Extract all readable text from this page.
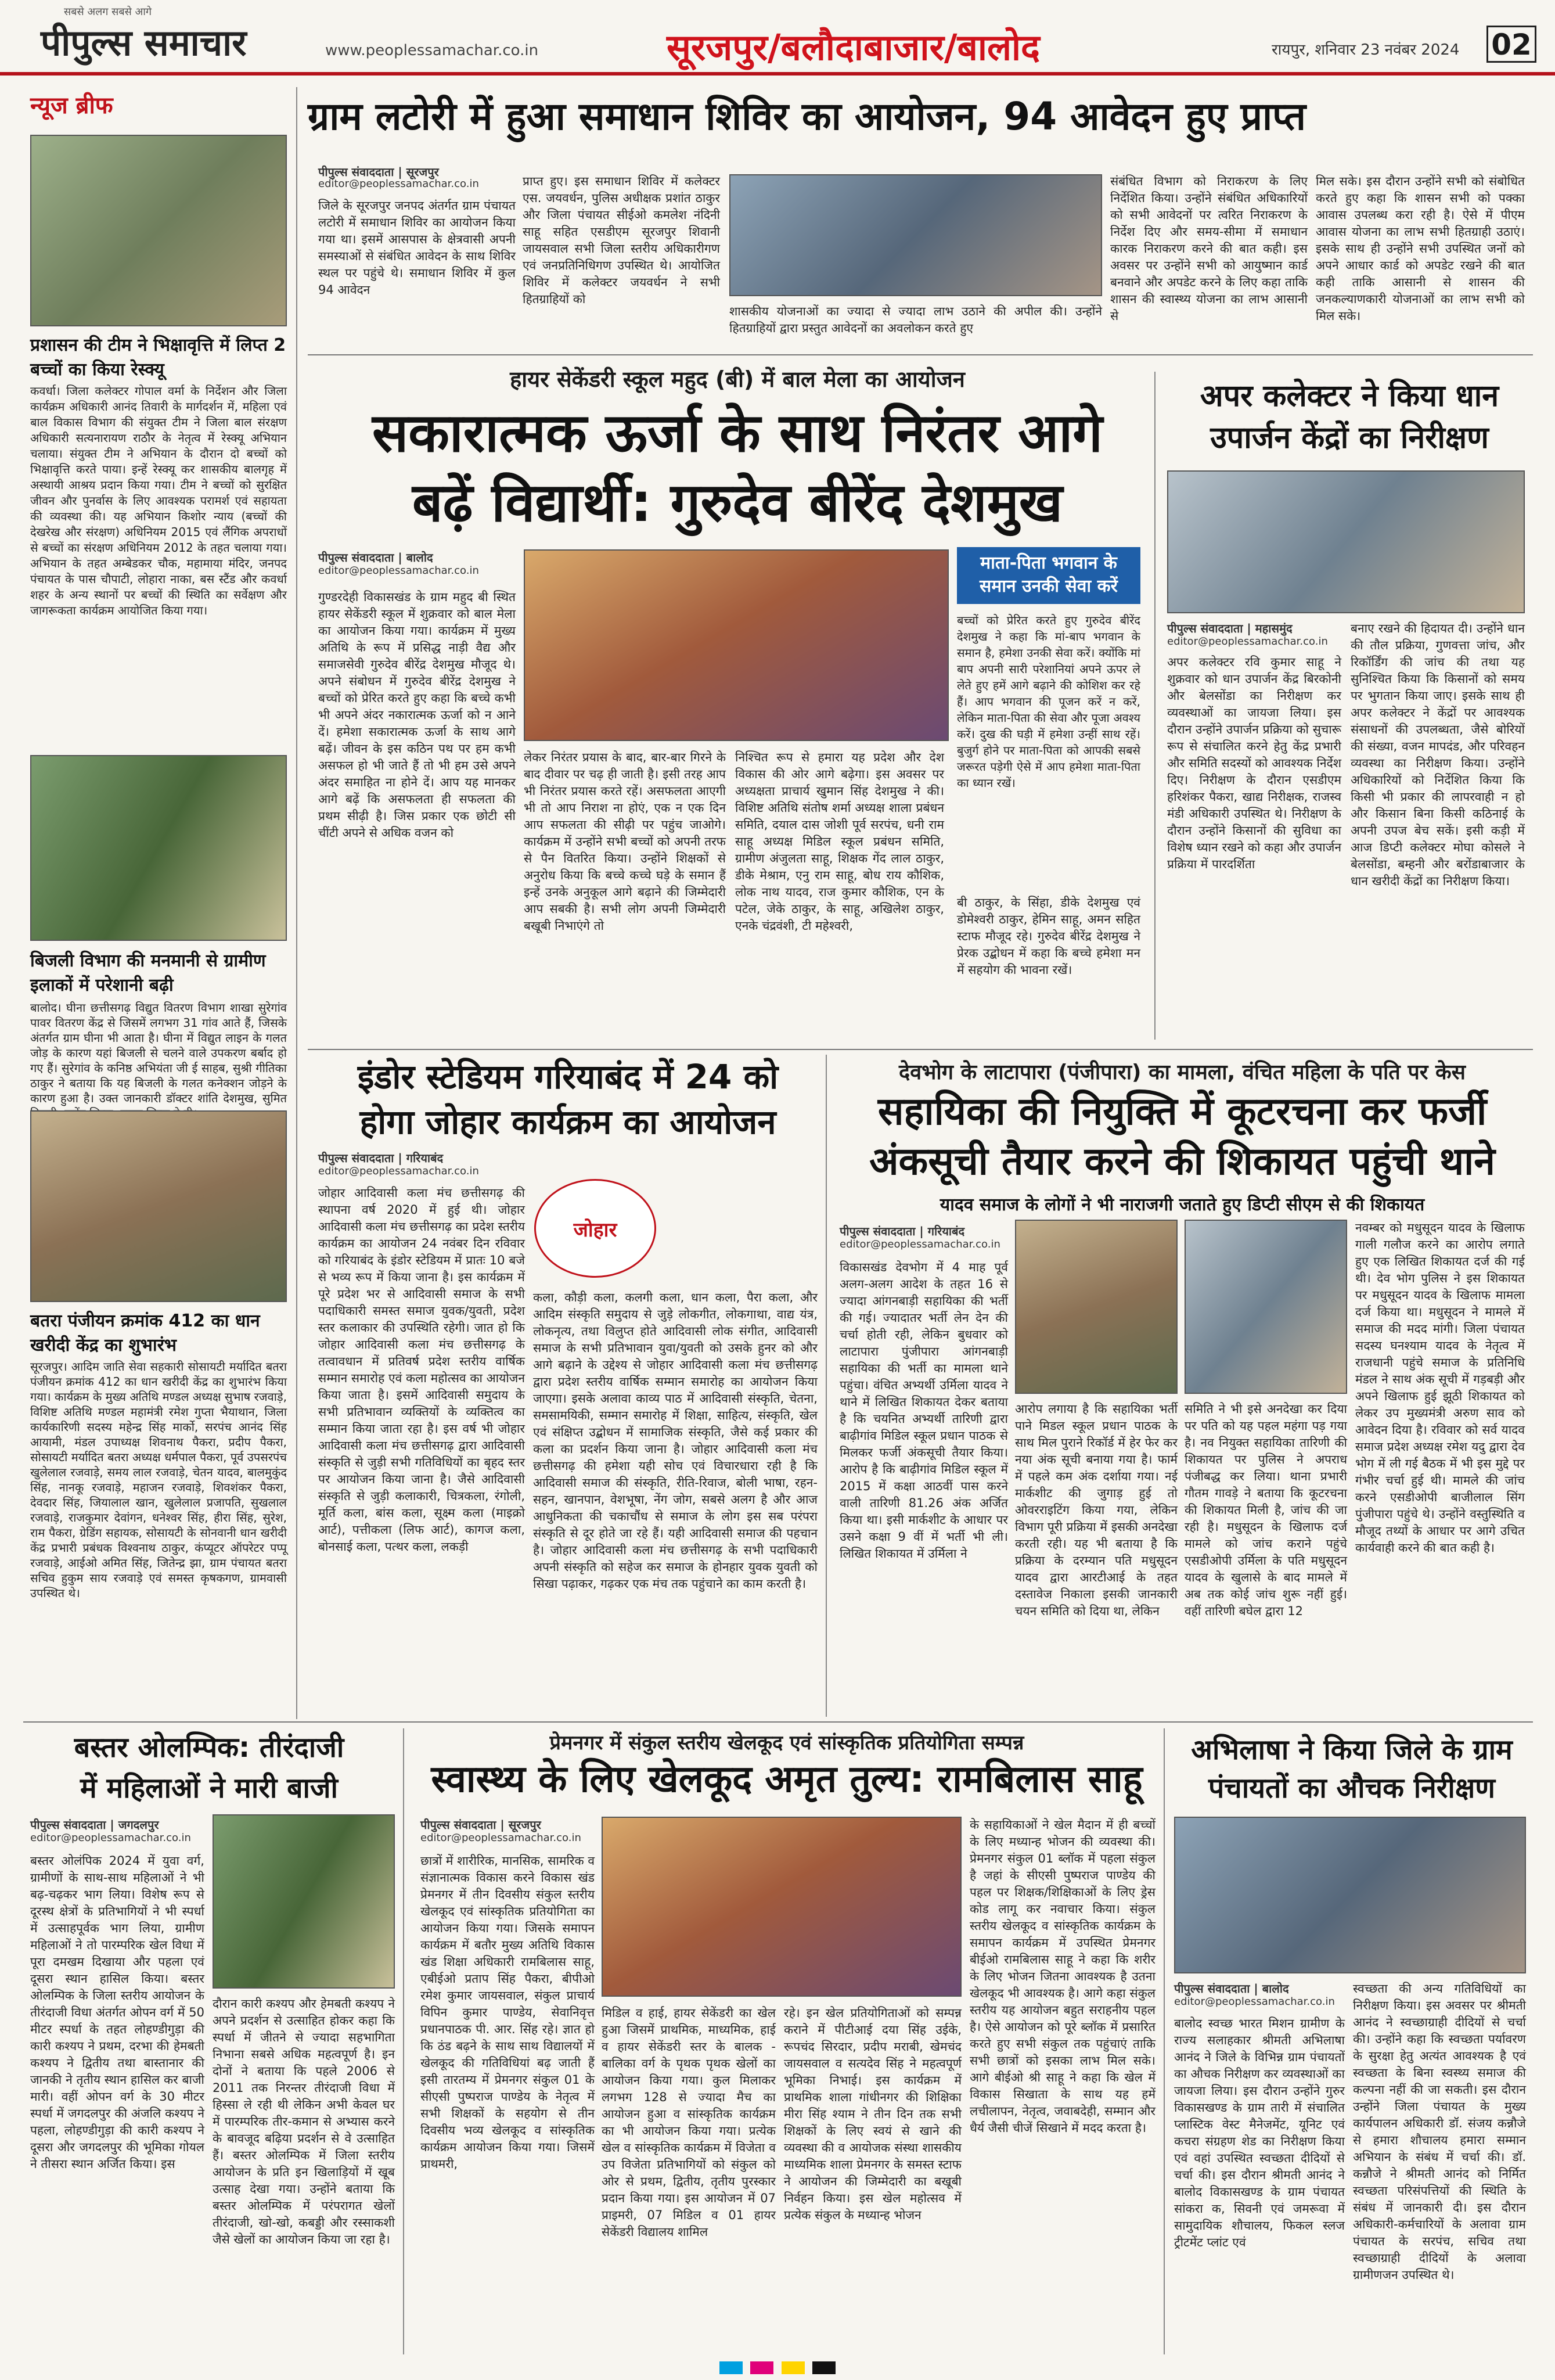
सबसे अलग सबसे आगे
पीपुल्स समाचार	www.peoplessamachar.co.in	सूरजपुर/बलौदाबाजार/बालोद	रायपुर, शनिवार 23 नवंबर 2024 02
न्यूज ब्रीफ
प्रशासन की टीम ने भिक्षावृत्ति में लिप्त 2 बच्चों का किया रेस्क्यू
कवर्धा। जिला कलेक्टर गोपाल वर्मा के निर्देशन और जिला कार्यक्रम अधिकारी आनंद तिवारी के मार्गदर्शन में, महिला एवं बाल विकास विभाग की संयुक्त टीम ने जिला बाल संरक्षण अधिकारी सत्यनारायण राठौर के नेतृत्व में रेस्क्यू अभियान चलाया। संयुक्त टीम ने अभियान के दौरान दो बच्चों को भिक्षावृत्ति करते पाया। इन्हें रेस्क्यू कर शासकीय बालगृह में अस्थायी आश्रय प्रदान किया गया। टीम ने बच्चों को सुरक्षित जीवन और पुनर्वास के लिए आवश्यक परामर्श एवं सहायता की व्यवस्था की। यह अभियान किशोर न्याय (बच्चों की देखरेख और संरक्षण) अधिनियम 2015 एवं लैंगिक अपराधों से बच्चों का संरक्षण अधिनियम 2012 के तहत चलाया गया। अभियान के तहत अम्बेडकर चौक, महामाया मंदिर, जनपद पंचायत के पास चौपाटी, लोहारा नाका, बस स्टैंड और कवर्धा शहर के अन्य स्थानों पर बच्चों की स्थिति का सर्वेक्षण और जागरूकता कार्यक्रम आयोजित किया गया।
बिजली विभाग की मनमानी से ग्रामीण इलाकों में परेशानी बढ़ी
बालोद। घीना छत्तीसगढ़ विद्युत वितरण विभाग शाखा सुरेगांव पावर वितरण केंद्र से जिसमें लगभग 31 गांव आते हैं, जिसके अंतर्गत ग्राम घीना भी आता है। घीना में विद्युत लाइन के गलत जोड़ के कारण यहां बिजली से चलने वाले उपकरण बर्बाद हो गए हैं। सुरेगांव के कनिष्ठ अभियंता जी ई साहब, सुश्री गीतिका ठाकुर ने बताया कि यह बिजली के गलत कनेक्शन जोड़ने के कारण हुआ है। उक्त जानकारी डॉक्टर शांति देशमुख, सुमित
बतरा पंजीयन क्रमांक 412 का धान खरीदी केंद्र का शुभारंभ
सूरजपुर। आदिम जाति सेवा सहकारी सोसायटी मर्यादित बतरा पंजीयन क्रमांक 412 का धान खरीदी केंद्र का शुभारंभ किया गया। कार्यक्रम के मुख्य अतिथि मण्डल अध्यक्ष सुभाष रजवाड़े, विशिष्ट अतिथि मण्डल महामंत्री रमेश गुप्ता भैयाथान, जिला कार्यकारिणी सदस्य महेन्द्र सिंह मार्को, सरपंच आनंद सिंह आयामी, मंडल उपाध्यक्ष शिवनाथ पैकरा, प्रदीप पैकरा, सोसायटी मर्यादित बतरा अध्यक्ष धर्मपाल पैकरा, पूर्व उपसरपंच खुलेलाल रजवाड़े, समय लाल रजवाड़े, चेतन यादव, बालमुकुंद सिंह, नानकू रजवाड़े, महाजन रजवाड़े, शिवशंकर पैकरा, देवदार सिंह, जियालाल खान, खुलेलाल प्रजापति, सुखलाल रजवाड़े, राजकुमार देवांगन, धनेश्वर सिंह, हीरा सिंह, सुरेश, राम पैकरा, ग्रेडिंग सहायक, सोसायटी के सोनवानी धान खरीदी केंद्र प्रभारी प्रबंधक विश्वनाथ ठाकुर, कंप्यूटर ऑपरेटर पप्पू रजवाड़े, आईओ अमित सिंह, जितेन्द्र झा, ग्राम पंचायत बतरा सचिव हुकुम साय रजवाड़े एवं समस्त कृषकगण, ग्रामवासी उपस्थित थे।
ग्राम लटोरी में हुआ समाधान शिविर का आयोजन, 94 आवेदन हुए प्राप्त
पीपुल्स संवाददाता | सूरजपुर
editor@peoplessamachar.co.in
जिले के सूरजपुर जनपद अंतर्गत ग्राम पंचायत लटोरी में समाधान शिविर का आयोजन किया गया था। इसमें आसपास के क्षेत्रवासी अपनी समस्याओं से संबंधित आवेदन के साथ शिविर स्थल पर पहुंचे थे। समाधान शिविर में कुल 94 आवेदन
प्राप्त हुए। इस समाधान शिविर में कलेक्टर एस. जयवर्धन, पुलिस अधीक्षक प्रशांत ठाकुर और जिला पंचायत सीईओ कमलेश नंदिनी साहू सहित एसडीएम सूरजपुर शिवानी जायसवाल सभी जिला स्तरीय अधिकारीगण एवं जनप्रतिनिधिगण उपस्थित थे। आयोजित शिविर में कलेक्टर जयवर्धन ने सभी हितग्राहियों को
शासकीय योजनाओं का ज्यादा से ज्यादा लाभ उठाने की अपील की। उन्होंने हितग्राहियों द्वारा प्रस्तुत आवेदनों का अवलोकन करते हुए
संबंधित विभाग को निराकरण के लिए निर्देशित किया। उन्होंने संबंधित अधिकारियों को सभी आवेदनों पर त्वरित निराकरण के निर्देश दिए और समय-सीमा में समाधान कारक निराकरण करने की बात कही। इस अवसर पर उन्होंने सभी को आयुष्मान कार्ड बनवाने और अपडेट करने के लिए कहा ताकि शासन की स्वास्थ्य योजना का लाभ आसानी से
मिल सके। इस दौरान उन्होंने सभी को संबोधित करते हुए कहा कि शासन सभी को पक्का आवास उपलब्ध करा रही है। ऐसे में पीएम आवास योजना का लाभ सभी हितग्राही उठाएं। इसके साथ ही उन्होंने सभी उपस्थित जनों को अपने आधार कार्ड को अपडेट रखने की बात कही ताकि आसानी से शासन की जनकल्याणकारी योजनाओं का लाभ सभी को मिल सके।
हायर सेकेंडरी स्कूल महुद (बी) में बाल मेला का आयोजन
सकारात्मक ऊर्जा के साथ निरंतर आगे
बढ़ें विद्यार्थी: गुरुदेव बीरेंद देशमुख
पीपुल्स संवाददाता | बालोद
editor@peoplessamachar.co.in
गुण्डरदेही विकासखंड के ग्राम महुद बी स्थित हायर सेकेंडरी स्कूल में शुक्रवार को बाल मेला का आयोजन किया गया। कार्यक्रम में मुख्य अतिथि के रूप में प्रसिद्ध नाड़ी वैद्य और समाजसेवी गुरुदेव बीरेंद्र देशमुख मौजूद थे। अपने संबोधन में गुरुदेव बीरेंद्र देशमुख ने बच्चों को प्रेरित करते हुए कहा कि बच्चे कभी भी अपने अंदर नकारात्मक ऊर्जा को न आने दें। हमेशा सकारात्मक ऊर्जा के साथ आगे बढ़ें। जीवन के इस कठिन पथ पर हम कभी असफल हो भी जाते हैं तो भी हम उसे अपने अंदर समाहित ना होने दें। आप यह मानकर आगे बढ़ें कि असफलता ही सफलता की प्रथम सीढ़ी है। जिस प्रकार एक छोटी सी चींटी अपने से अधिक वजन को
लेकर निरंतर प्रयास के बाद, बार-बार गिरने के बाद दीवार पर चढ़ ही जाती है। इसी तरह आप भी निरंतर प्रयास करते रहें। असफलता आएगी भी तो आप निराश ना होएं, एक न एक दिन आप सफलता की सीढ़ी पर पहुंच जाओगे। कार्यक्रम में उन्होंने सभी बच्चों को अपनी तरफ से पैन वितरित किया। उन्होंने शिक्षकों से अनुरोध किया कि बच्चे कच्चे घड़े के समान हैं इन्हें उनके अनुकूल आगे बढ़ाने की जिम्मेदारी आप सबकी है। सभी लोग अपनी जिम्मेदारी बखूबी निभाएंगे तो
निश्चित रूप से हमारा यह प्रदेश और देश विकास की ओर आगे बढ़ेगा। इस अवसर पर अध्यक्षता प्राचार्य खुमान सिंह देशमुख ने की। विशिष्ट अतिथि संतोष शर्मा अध्यक्ष शाला प्रबंधन समिति, दयाल दास जोशी पूर्व सरपंच, धनी राम साहू अध्यक्ष मिडिल स्कूल प्रबंधन समिति, ग्रामीण अंजुलता साहू, शिक्षक गेंद लाल ठाकुर, डीके मेश्राम, एनु राम साहू, बोध राय कौशिक, लोक नाथ यादव, राज कुमार कौशिक, एन के पटेल, जेके ठाकुर, के साहू, अखिलेश ठाकुर, एनके चंद्रवंशी, टी महेश्वरी,
माता-पिता भगवान के समान उनकी सेवा करें
बच्चों को प्रेरित करते हुए गुरुदेव बीरेंद देशमुख ने कहा कि मां-बाप भगवान के समान है, हमेशा उनकी सेवा करें। क्योंकि मां बाप अपनी सारी परेशानियां अपने ऊपर ले लेते हुए हमें आगे बढ़ाने की कोशिश कर रहे हैं। आप भगवान की पूजन करें न करें, लेकिन माता-पिता की सेवा और पूजा अवश्य करें। दुख की घड़ी में हमेशा उन्हीं साथ रहें। बुजुर्ग होने पर माता-पिता को आपकी सबसे जरूरत पड़ेगी ऐसे में आप हमेशा माता-पिता का ध्यान रखें।
बी ठाकुर, के सिंहा, डीके देशमुख एवं डोमेश्वरी ठाकुर, हेमिन साहू, अमन सहित स्टाफ मौजूद रहे। गुरुदेव बीरेंद्र देशमुख ने प्रेरक उद्बोधन में कहा कि बच्चे हमेशा मन में सहयोग की भावना रखें।
अपर कलेक्टर ने किया धान उपार्जन केंद्रों का निरीक्षण
पीपुल्स संवाददाता | महासमुंद
editor@peoplessamachar.co.in
अपर कलेक्टर रवि कुमार साहू ने शुक्रवार को धान उपार्जन केंद्र बिरकोनी और बेलसोंडा का निरीक्षण कर व्यवस्थाओं का जायजा लिया। इस दौरान उन्होंने उपार्जन प्रक्रिया को सुचारू रूप से संचालित करने हेतु केंद्र प्रभारी और समिति सदस्यों को आवश्यक निर्देश दिए। निरीक्षण के दौरान एसडीएम हरिशंकर पैकरा, खाद्य निरीक्षक, राजस्व मंडी अधिकारी उपस्थित थे। निरीक्षण के दौरान उन्होंने किसानों की सुविधा का विशेष ध्यान रखने को कहा और उपार्जन प्रक्रिया में पारदर्शिता
बनाए रखने की हिदायत दी। उन्होंने धान की तौल प्रक्रिया, गुणवत्ता जांच, और रिकॉर्डिंग की जांच की तथा यह सुनिश्चित किया कि किसानों को समय पर भुगतान किया जाए। इसके साथ ही अपर कलेक्टर ने केंद्रों पर आवश्यक संसाधनों की उपलब्धता, जैसे बोरियों की संख्या, वजन मापदंड, और परिवहन व्यवस्था का निरीक्षण किया। उन्होंने अधिकारियों को निर्देशित किया कि किसी भी प्रकार की लापरवाही न हो और किसान बिना किसी कठिनाई के अपनी उपज बेच सकें। इसी कड़ी में आज डिप्टी कलेक्टर मोघा कोसले ने बेलसोंडा, बम्हनी और बरोंडाबाजार के धान खरीदी केंद्रों का निरीक्षण किया।
इंडोर स्टेडियम गरियाबंद में 24 को
होगा जोहार कार्यक्रम का आयोजन
पीपुल्स संवाददाता | गरियाबंद
editor@peoplessamachar.co.in
जोहार
जोहार आदिवासी कला मंच छत्तीसगढ़ की स्थापना वर्ष 2020 में हुई थी। जोहार आदिवासी कला मंच छत्तीसगढ़ का प्रदेश स्तरीय कार्यक्रम का आयोजन 24 नवंबर दिन रविवार को गरियाबंद के इंडोर स्टेडियम में प्रातः 10 बजे से भव्य रूप में किया जाना है। इस कार्यक्रम में पूरे प्रदेश भर से आदिवासी समाज के सभी पदाधिकारी समस्त समाज युवक/युवती, प्रदेश स्तर कलाकार की उपस्थिति रहेगी। जात हो कि जोहार आदिवासी कला मंच छत्तीसगढ़ के तत्वावधान में प्रतिवर्ष प्रदेश स्तरीय वार्षिक सम्मान समारोह एवं कला महोत्सव का आयोजन किया जाता है। इसमें आदिवासी समुदाय के सभी प्रतिभावान व्यक्तियों के व्यक्तित्व का सम्मान किया जाता रहा है। इस वर्ष भी जोहार आदिवासी कला मंच छत्तीसगढ़ द्वारा आदिवासी संस्कृति से जुड़ी सभी गतिविधियों का बृहद स्तर पर आयोजन किया जाना है। जैसे आदिवासी संस्कृति से जुड़ी कलाकारी, चित्रकला, रंगोली, मूर्ति कला, बांस कला, सूक्ष्म कला (माइक्रो आर्ट), पत्तीकला (लिफ आर्ट), कागज कला, बोनसाई कला, पत्थर कला, लकड़ी
कला, कौड़ी कला, कलगी कला, धान कला, पैरा कला, और आदिम संस्कृति समुदाय से जुड़े लोकगीत, लोकगाथा, वाद्य यंत्र, लोकनृत्य, तथा विलुप्त होते आदिवासी लोक संगीत, आदिवासी समाज के सभी प्रतिभावान युवा/युवती को उसके हुनर को और आगे बढ़ाने के उद्देश्य से जोहार आदिवासी कला मंच छत्तीसगढ़ द्वारा प्रदेश स्तरीय वार्षिक सम्मान समारोह का आयोजन किया जाएगा। इसके अलावा काव्य पाठ में आदिवासी संस्कृति, चेतना, समसामयिकी, सम्मान समारोह में शिक्षा, साहित्य, संस्कृति, खेल एवं संक्षिप्त उद्बोधन में सामाजिक संस्कृति, जैसे कई प्रकार की कला का प्रदर्शन किया जाना है। जोहार आदिवासी कला मंच छत्तीसगढ़ की हमेशा यही सोच एवं विचारधारा रही है कि आदिवासी समाज की संस्कृति, रीति-रिवाज, बोली भाषा, रहन-सहन, खानपान, वेशभूषा, नेंग जोग, सबसे अलग है और आज आधुनिकता की चकाचौंध से समाज के लोग इस सब परंपरा संस्कृति से दूर होते जा रहे हैं। यही आदिवासी समाज की पहचान है। जोहार आदिवासी कला मंच छत्तीसगढ़ के सभी पदाधिकारी अपनी संस्कृति को सहेज कर समाज के होनहार युवक युवती को सिखा पढ़ाकर, गढ़कर एक मंच तक पहुंचाने का काम करती है।
देवभोग के लाटापारा (पंजीपारा) का मामला, वंचित महिला के पति पर केस
सहायिका की नियुक्ति में कूटरचना कर फर्जी
अंकसूची तैयार करने की शिकायत पहुंची थाने
यादव समाज के लोगों ने भी नाराजगी जताते हुए डिप्टी सीएम से की शिकायत
पीपुल्स संवाददाता | गरियाबंद
editor@peoplessamachar.co.in
विकासखंड देवभोग में 4 माह पूर्व अलग-अलग आदेश के तहत 16 से ज्यादा आंगनबाड़ी सहायिका की भर्ती की गई। ज्यादातर भर्ती लेन देन की चर्चा होती रही, लेकिन बुधवार को लाटापारा पुंजीपारा आंगनबाड़ी सहायिका की भर्ती का मामला थाने पहुंचा। वंचित अभ्यर्थी उर्मिला यादव ने थाने में लिखित शिकायत देकर बताया है कि चयनित अभ्यर्थी तारिणी द्वारा बाढ़ीगांव मिडिल स्कूल प्रधान पाठक से मिलकर फर्जी अंकसूची तैयार किया। आरोप है कि बाढ़ीगांव मिडिल स्कूल में 2015 में कक्षा आठवीं पास करने वाली तारिणी 81.26 अंक अर्जित किया था। इसी मार्कशीट के आधार पर उसने कक्षा 9 वीं में भर्ती भी ली। लिखित शिकायत में उर्मिला ने
आरोप लगाया है कि सहायिका भर्ती पाने मिडल स्कूल प्रधान पाठक के साथ मिल पुराने रिकॉर्ड में हेर फेर कर नया अंक सूची बनाया गया है। फार्म में पहले कम अंक दर्शाया गया। नई मार्कशीट की जुगाड़ हुई तो ओवरराइटिंग किया गया, लेकिन विभाग पूरी प्रक्रिया में इसकी अनदेखा करती रही। यह भी बताया है कि प्रक्रिया के दरम्यान पति मधुसूदन यादव द्वारा आरटीआई के तहत दस्तावेज निकाला इसकी जानकारी चयन समिति को दिया था, लेकिन
समिति ने भी इसे अनदेखा कर दिया पर पति को यह पहल महंगा पड़ गया है। नव नियुक्त सहायिका तारिणी की शिकायत पर पुलिस ने अपराध पंजीबद्ध कर लिया। थाना प्रभारी गौतम गावड़े ने बताया कि कूटरचना की शिकायत मिली है, जांच की जा रही है। मधुसूदन के खिलाफ दर्ज मामले को जांच कराने पहुंचे एसडीओपी उर्मिला के पति मधुसूदन यादव के खुलासे के बाद मामले में अब तक कोई जांच शुरू नहीं हुई। वहीं तारिणी बघेल द्वारा 12
नवम्बर को मधुसूदन यादव के खिलाफ गाली गलौज करने का आरोप लगाते हुए एक लिखित शिकायत दर्ज की गई थी। देव भोग पुलिस ने इस शिकायत पर मधुसूदन यादव के खिलाफ मामला दर्ज किया था। मधुसूदन ने मामले में समाज की मदद मांगी। जिला पंचायत सदस्य घनश्याम यादव के नेतृत्व में राजधानी पहुंचे समाज के प्रतिनिधि मंडल ने साथ अंक सूची में गड़बड़ी और अपने खिलाफ हुई झूठी शिकायत को लेकर उप मुख्यमंत्री अरुण साव को आवेदन दिया है। रविवार को सर्व यादव समाज प्रदेश अध्यक्ष रमेश यदु द्वारा देव भोग में ली गई बैठक में भी इस मुद्दे पर गंभीर चर्चा हुई थी। मामले की जांच करने एसडीओपी बाजीलाल सिंग पुंजीपारा पहुंचे थे। उन्होंने वस्तुस्थिति व मौजूद तथ्यों के आधार पर आगे उचित कार्यवाही करने की बात कही है।
बस्तर ओलम्पिक: तीरंदाजी
में महिलाओं ने मारी बाजी
पीपुल्स संवाददाता | जगदलपुर
editor@peoplessamachar.co.in
बस्तर ओलंपिक 2024 में युवा वर्ग, ग्रामीणों के साथ-साथ महिलाओं ने भी बढ़-चढ़कर भाग लिया। विशेष रूप से दूरस्थ क्षेत्रों के प्रतिभागियों ने भी स्पर्धा में उत्साहपूर्वक भाग लिया, ग्रामीण महिलाओं ने तो पारम्परिक खेल विधा में पूरा दमखम दिखाया और पहला एवं दूसरा स्थान हासिल किया। बस्तर ओलम्पिक के जिला स्तरीय आयोजन के तीरंदाजी विधा अंतर्गत ओपन वर्ग में 50 मीटर स्पर्धा के तहत लोहण्डीगुड़ा की कारी कश्यप ने प्रथम, दरभा की हेमबती कश्यप ने द्वितीय तथा बास्तानार की जानकी ने तृतीय स्थान हासिल कर बाजी मारी। वहीं ओपन वर्ग के 30 मीटर स्पर्धा में जगदलपुर की अंजलि कश्यप ने पहला, लोहण्डीगुड़ा की कारी कश्यप ने दूसरा और जगदलपुर की भूमिका गोयल ने तीसरा स्थान अर्जित किया। इस
दौरान कारी कश्यप और हेमबती कश्यप ने अपने प्रदर्शन से उत्साहित होकर कहा कि स्पर्धा में जीतने से ज्यादा सहभागिता निभाना सबसे अधिक महत्वपूर्ण है। इन दोनों ने बताया कि पहले 2006 से 2011 तक निरन्तर तीरंदाजी विधा में हिस्सा ले रही थी लेकिन अभी केवल घर में पारम्परिक तीर-कमान से अभ्यास करने के बावजूद बढ़िया प्रदर्शन से वे उत्साहित हैं। बस्तर ओलम्पिक में जिला स्तरीय आयोजन के प्रति इन खिलाड़ियों में खूब उत्साह देखा गया। उन्होंने बताया कि बस्तर ओलम्पिक में परंपरागत खेलों तीरंदाजी, खो-खो, कबड्डी और रस्साकशी जैसे खेलों का आयोजन किया जा रहा है।
प्रेमनगर में संकुल स्तरीय खेलकूद एवं सांस्कृतिक प्रतियोगिता सम्पन्न
स्वास्थ्य के लिए खेलकूद अमृत तुल्य: रामबिलास साहू
पीपुल्स संवाददाता | सूरजपुर
editor@peoplessamachar.co.in
छात्रों में शारीरिक, मानसिक, सामरिक व संज्ञानात्मक विकास करने विकास खंड प्रेमनगर में तीन दिवसीय संकुल स्तरीय खेलकूद एवं सांस्कृतिक प्रतियोगिता का आयोजन किया गया। जिसके समापन कार्यक्रम में बतौर मुख्य अतिथि विकास खंड शिक्षा अधिकारी रामबिलास साहू, एबीईओ प्रताप सिंह पैकरा, बीपीओ रमेश कुमार जायसवाल, संकुल प्राचार्य विपिन कुमार पाण्डेय, सेवानिवृत्त प्रधानपाठक पी. आर. सिंह रहे। ज्ञात हो कि ठंड बढ़ने के साथ साथ विद्यालयों में खेलकूद की गतिविधियां बढ़ जाती हैं इसी तारतम्य में प्रेमनगर संकुल 01 के सीएसी पुष्पराज पाण्डेय के नेतृत्व में सभी शिक्षकों के सहयोग से तीन दिवसीय भव्य खेलकूद व सांस्कृतिक कार्यक्रम आयोजन किया गया। जिसमें प्राथमरी,
मिडिल व हाई, हायर सेकेंडरी का खेल हुआ जिसमें प्राथमिक, माध्यमिक, हाई व हायर सेकेंडरी स्तर के बालक - बालिका वर्ग के पृथक पृथक खेलों का आयोजन किया गया। कुल मिलाकर लगभग 128 से ज्यादा मैच का आयोजन हुआ व सांस्कृतिक कार्यक्रम का भी आयोजन किया गया। प्रत्येक खेल व सांस्कृतिक कार्यक्रम में विजेता व उप विजेता प्रतिभागियों को संकुल को ओर से प्रथम, द्वितीय, तृतीय पुरस्कार प्रदान किया गया। इस आयोजन में 07 प्राइमरी, 07 मिडिल व 01 हायर सेकेंडरी विद्यालय शामिल
रहे। इन खेल प्रतियोगिताओं को सम्पन्न कराने में पीटीआई दया सिंह उईके, रूपचंद सिरदार, प्रदीप मराबी, खेमचंद जायसवाल व सत्यदेव सिंह ने महत्वपूर्ण भूमिका निभाई। इस कार्यक्रम में प्राथमिक शाला गांधीनगर की शिक्षिका मीरा सिंह श्याम ने तीन दिन तक सभी शिक्षकों के लिए स्वयं से खाने की व्यवस्था की व आयोजक संस्था शासकीय माध्यमिक शाला प्रेमनगर के समस्त स्टाफ ने आयोजन की जिम्मेदारी का बखूबी निर्वहन किया। इस खेल महोत्सव में प्रत्येक संकुल के मध्यान्ह भोजन
के सहायिकाओं ने खेल मैदान में ही बच्चों के लिए मध्यान्ह भोजन की व्यवस्था की। प्रेमनगर संकुल 01 ब्लॉक में पहला संकुल है जहां के सीएसी पुष्पराज पाण्डेय की पहल पर शिक्षक/शिक्षिकाओं के लिए ड्रेस कोड लागू कर नवाचार किया। संकुल स्तरीय खेलकूद व सांस्कृतिक कार्यक्रम के समापन कार्यक्रम में उपस्थित प्रेमनगर बीईओ रामबिलास साहू ने कहा कि शरीर के लिए भोजन जितना आवश्यक है उतना खेलकूद भी आवश्यक है। आगे कहा संकुल स्तरीय यह आयोजन बहुत सराहनीय पहल है। ऐसे आयोजन को पूरे ब्लॉक में प्रसारित करते हुए सभी संकुल तक पहुंचाएं ताकि सभी छात्रों को इसका लाभ मिल सके। आगे बीईओ श्री साहू ने कहा कि खेल में विकास सिखाता के साथ यह हमें लचीलापन, नेतृत्व, जवाबदेही, सम्मान और धैर्य जैसी चीजें सिखाने में मदद करता है।
अभिलाषा ने किया जिले के ग्राम पंचायतों का औचक निरीक्षण
पीपुल्स संवाददाता | बालोद
editor@peoplessamachar.co.in
बालोद स्वच्छ भारत मिशन ग्रामीण के राज्य सलाहकार श्रीमती अभिलाषा आनंद ने जिले के विभिन्न ग्राम पंचायतों का औचक निरीक्षण कर व्यवस्थाओं का जायजा लिया। इस दौरान उन्होंने गुरुर विकासखण्ड के ग्राम तारी में संचालित प्लास्टिक वेस्ट मैनेजमेंट, यूनिट एवं कचरा संग्रहण शेड का निरीक्षण किया एवं वहां उपस्थित स्वच्छता दीदियों से चर्चा की। इस दौरान श्रीमती आनंद ने बालोद विकासखण्ड के ग्राम पंचायत सांकरा क, सिवनी एवं जमरूवा में सामुदायिक शौचालय, फिकल स्लज ट्रीटमेंट प्लांट एवं
स्वच्छता की अन्य गतिविधियों का निरीक्षण किया। इस अवसर पर श्रीमती आनंद ने स्वच्छाग्राही दीदियों से चर्चा की। उन्होंने कहा कि स्वच्छता पर्यावरण के सुरक्षा हेतु अत्यंत आवश्यक है एवं स्वच्छता के बिना स्वस्थ्य समाज की कल्पना नहीं की जा सकती। इस दौरान उन्होंने जिला पंचायत के मुख्य कार्यपालन अधिकारी डॉ. संजय कन्नौजे से हमारा शौचालय हमारा सम्मान अभियान के संबंध में चर्चा की। डॉ. कन्नौजे ने श्रीमती आनंद को निर्मित स्वच्छता परिसंपत्तियों की स्थिति के संबंध में जानकारी दी। इस दौरान अधिकारी-कर्मचारियों के अलावा ग्राम पंचायत के सरपंच, सचिव तथा स्वच्छाग्राही दीदियों के अलावा ग्रामीणजन उपस्थित थे।
